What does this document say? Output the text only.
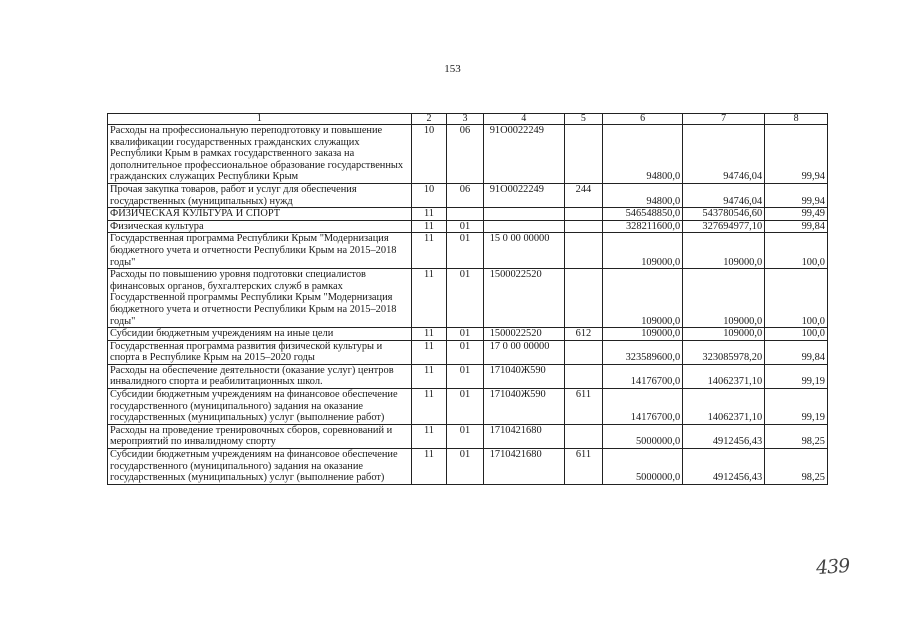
153
1	2	3	4	5	6	7	8
Расходы на профессиональную переподготовку и повышение квалификации государственных гражданских служащих Республики Крым в рамках государственного заказа на дополнительное профессиональное образование государственных гражданских служащих Республики Крым	10	06	91О0022249		94800,0	94746,04	99,94
Прочая закупка товаров, работ и услуг для обеспечения государственных (муниципальных) нужд	10	06	91О0022249	244	94800,0	94746,04	99,94
ФИЗИЧЕСКАЯ КУЛЬТУРА И СПОРТ	11				546548850,0	543780546,60	99,49
Физическая культура	11	01			328211600,0	327694977,10	99,84
Государственная программа Республики Крым "Модернизация бюджетного учета и отчетности Республики Крым на 2015–2018 годы"	11	01	15 0 00 00000		109000,0	109000,0	100,0
Расходы по повышению уровня подготовки специалистов финансовых органов, бухгалтерских служб в рамках Государственной программы Республики Крым "Модернизация бюджетного учета и отчетности Республики Крым на 2015–2018 годы"	11	01	1500022520		109000,0	109000,0	100,0
Субсидии бюджетным учреждениям на иные цели	11	01	1500022520	612	109000,0	109000,0	100,0
Государственная программа развития физической культуры и спорта в Республике Крым на 2015–2020 годы	11	01	17 0 00 00000		323589600,0	323085978,20	99,84
Расходы на обеспечение деятельности (оказание услуг) центров инвалидного спорта и реабилитационных школ.	11	01	171040Ж590		14176700,0	14062371,10	99,19
Субсидии бюджетным учреждениям на финансовое обеспечение государственного (муниципального) задания на оказание государственных (муниципальных) услуг (выполнение работ)	11	01	171040Ж590	611	14176700,0	14062371,10	99,19
Расходы на проведение тренировочных сборов, соревнований и мероприятий по инвалидному спорту	11	01	1710421680		5000000,0	4912456,43	98,25
Субсидии бюджетным учреждениям на финансовое обеспечение государственного (муниципального) задания на оказание государственных (муниципальных) услуг (выполнение работ)	11	01	1710421680	611	5000000,0	4912456,43	98,25
439
